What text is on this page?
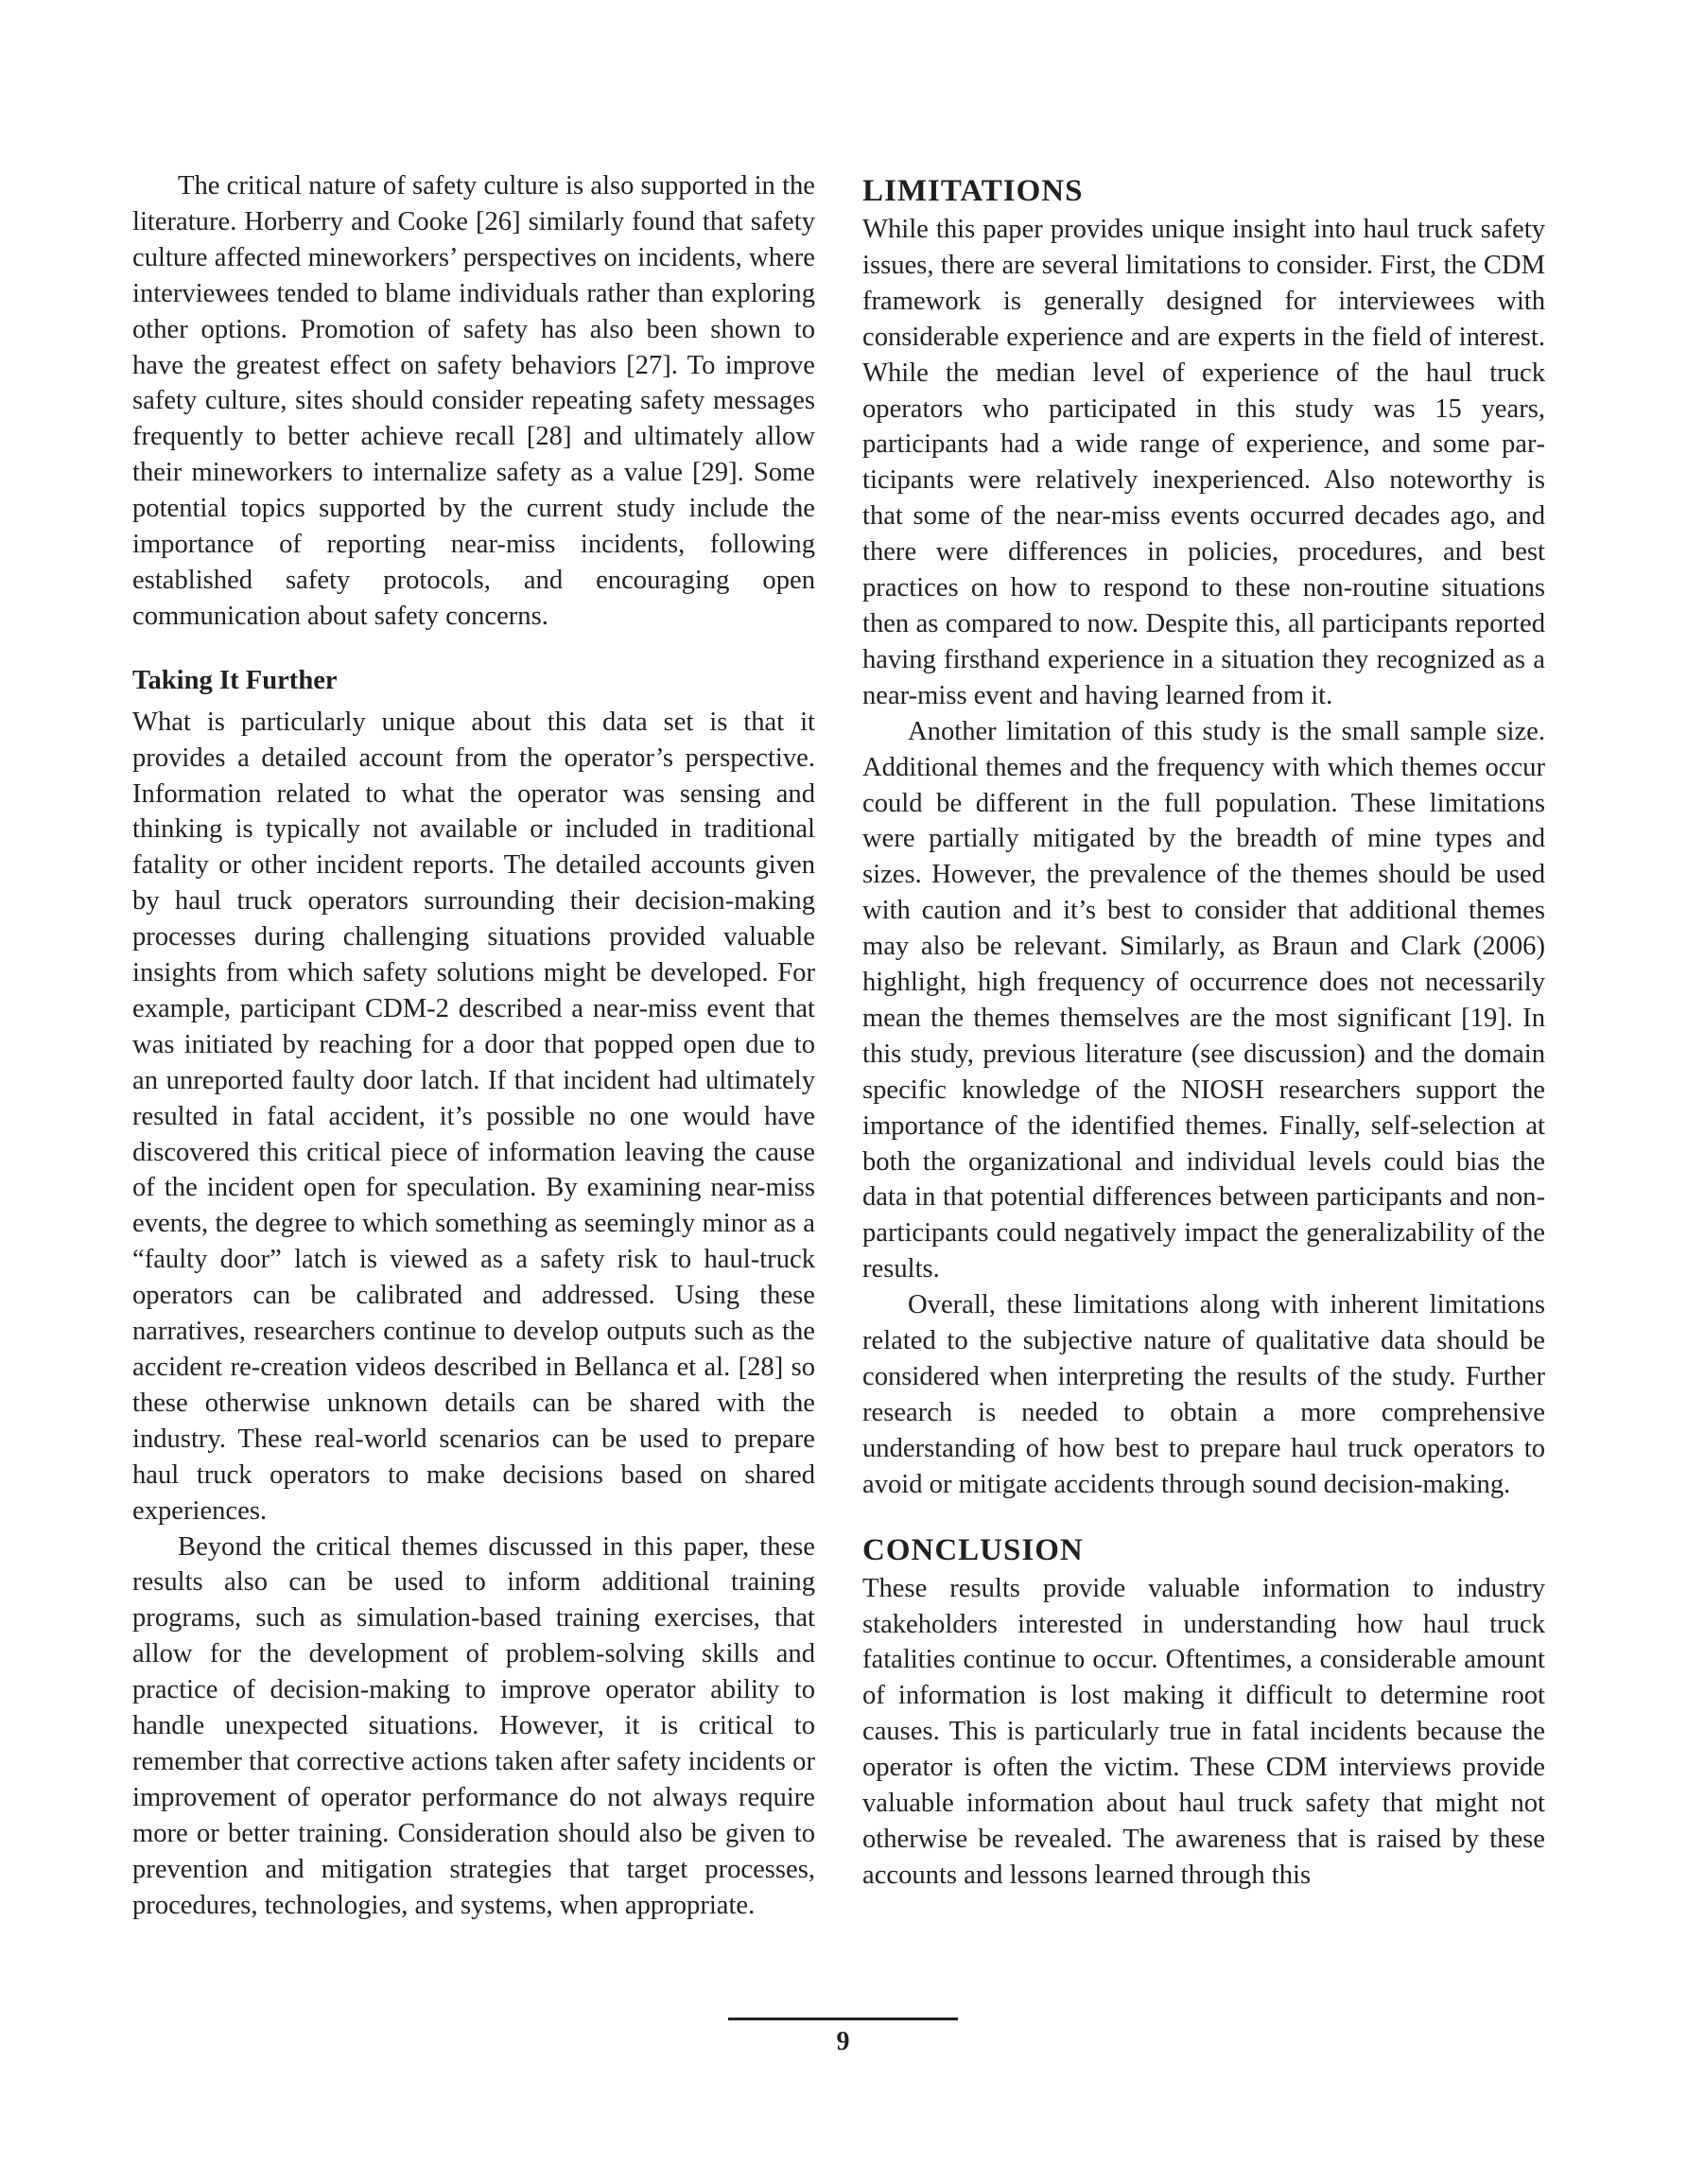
The critical nature of safety culture is also supported in the literature. Horberry and Cooke [26] similarly found that safety culture affected mineworkers’ perspectives on incidents, where interviewees tended to blame individuals rather than exploring other options. Promotion of safety has also been shown to have the greatest effect on safety behaviors [27]. To improve safety culture, sites should consider repeating safety messages frequently to better achieve recall [28] and ultimately allow their mineworkers to internalize safety as a value [29]. Some potential topics supported by the current study include the importance of reporting near-miss incidents, following established safety protocols, and encouraging open communication about safety concerns.

Taking It Further

What is particularly unique about this data set is that it provides a detailed account from the operator’s perspective. Information related to what the operator was sensing and thinking is typically not available or included in traditional fatality or other incident reports. The detailed accounts given by haul truck operators surrounding their decision-making processes during challenging situations provided valuable insights from which safety solutions might be developed. For example, participant CDM-2 described a near-miss event that was initiated by reaching for a door that popped open due to an unreported faulty door latch. If that incident had ultimately resulted in fatal accident, it’s possible no one would have discovered this critical piece of information leaving the cause of the incident open for speculation. By examining near-miss events, the degree to which something as seemingly minor as a “faulty door” latch is viewed as a safety risk to haul-truck operators can be calibrated and addressed. Using these narratives, researchers continue to develop outputs such as the accident re-creation videos described in Bellanca et al. [28] so these otherwise unknown details can be shared with the industry. These real-world scenarios can be used to prepare haul truck operators to make decisions based on shared experiences.

Beyond the critical themes discussed in this paper, these results also can be used to inform additional training programs, such as simulation-based training exercises, that allow for the development of problem-solving skills and practice of decision-making to improve operator ability to handle unexpected situations. However, it is critical to remember that corrective actions taken after safety incidents or improvement of operator performance do not always require more or better training. Consideration should also be given to prevention and mitigation strategies that target processes, procedures, technologies, and systems, when appropriate.

LIMITATIONS

While this paper provides unique insight into haul truck safety issues, there are several limitations to consider. First, the CDM framework is generally designed for interviewees with considerable experience and are experts in the field of interest. While the median level of experience of the haul truck operators who participated in this study was 15 years, participants had a wide range of experience, and some participants were relatively inexperienced. Also noteworthy is that some of the near-miss events occurred decades ago, and there were differences in policies, procedures, and best practices on how to respond to these non-routine situations then as compared to now. Despite this, all participants reported having firsthand experience in a situation they recognized as a near-miss event and having learned from it.

Another limitation of this study is the small sample size. Additional themes and the frequency with which themes occur could be different in the full population. These limitations were partially mitigated by the breadth of mine types and sizes. However, the prevalence of the themes should be used with caution and it’s best to consider that additional themes may also be relevant. Similarly, as Braun and Clark (2006) highlight, high frequency of occurrence does not necessarily mean the themes themselves are the most significant [19]. In this study, previous literature (see discussion) and the domain specific knowledge of the NIOSH researchers support the importance of the identified themes. Finally, self-selection at both the organizational and individual levels could bias the data in that potential differences between participants and non-participants could negatively impact the generalizability of the results.

Overall, these limitations along with inherent limitations related to the subjective nature of qualitative data should be considered when interpreting the results of the study. Further research is needed to obtain a more comprehensive understanding of how best to prepare haul truck operators to avoid or mitigate accidents through sound decision-making.

CONCLUSION

These results provide valuable information to industry stakeholders interested in understanding how haul truck fatalities continue to occur. Oftentimes, a considerable amount of information is lost making it difficult to determine root causes. This is particularly true in fatal incidents because the operator is often the victim. These CDM interviews provide valuable information about haul truck safety that might not otherwise be revealed. The awareness that is raised by these accounts and lessons learned through this

9
